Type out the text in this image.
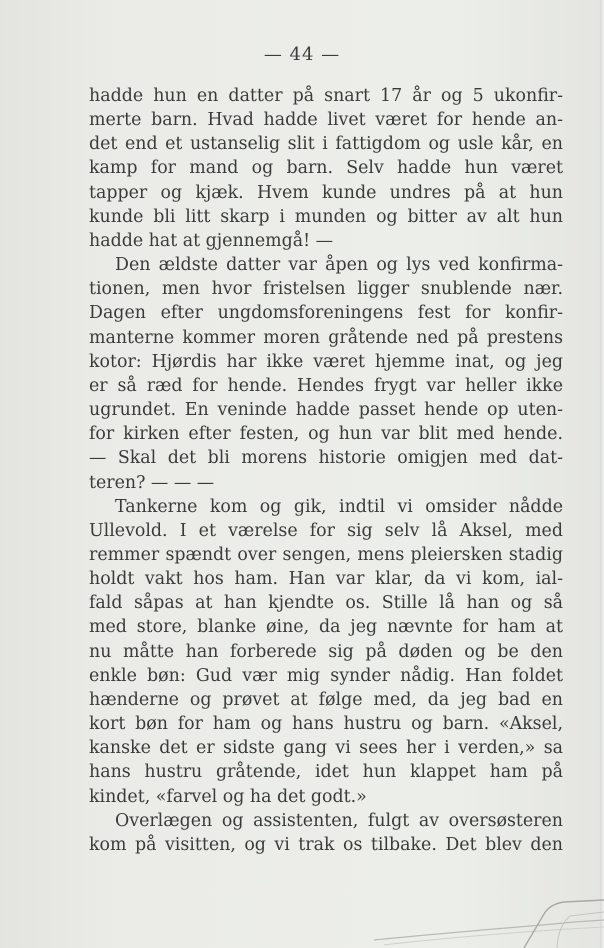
— 44 —
hadde hun en datter på snart 17 år og 5 ukonfir-
merte barn. Hvad hadde livet været for hende an-
det end et ustanselig slit i fattigdom og usle kår, en
kamp for mand og barn. Selv hadde hun været
tapper og kjæk. Hvem kunde undres på at hun
kunde bli litt skarp i munden og bitter av alt hun
hadde hat at gjennemgå! —
Den ældste datter var åpen og lys ved konfirma-
tionen, men hvor fristelsen ligger snublende nær.
Dagen efter ungdomsforeningens fest for konfir-
manterne kommer moren gråtende ned på prestens
kotor: Hjørdis har ikke været hjemme inat, og jeg
er så ræd for hende. Hendes frygt var heller ikke
ugrundet. En veninde hadde passet hende op uten-
for kirken efter festen, og hun var blit med hende.
— Skal det bli morens historie omigjen med dat-
teren? — — —
Tankerne kom og gik, indtil vi omsider nådde
Ullevold. I et værelse for sig selv lå Aksel, med
remmer spændt over sengen, mens pleiersken stadig
holdt vakt hos ham. Han var klar, da vi kom, ial-
fald såpas at han kjendte os. Stille lå han og så
med store, blanke øine, da jeg nævnte for ham at
nu måtte han forberede sig på døden og be den
enkle bøn: Gud vær mig synder nådig. Han foldet
hænderne og prøvet at følge med, da jeg bad en
kort bøn for ham og hans hustru og barn. «Aksel,
kanske det er sidste gang vi sees her i verden,» sa
hans hustru gråtende, idet hun klappet ham på
kindet, «farvel og ha det godt.»
Overlægen og assistenten, fulgt av oversøsteren
kom på visitten, og vi trak os tilbake. Det blev den
